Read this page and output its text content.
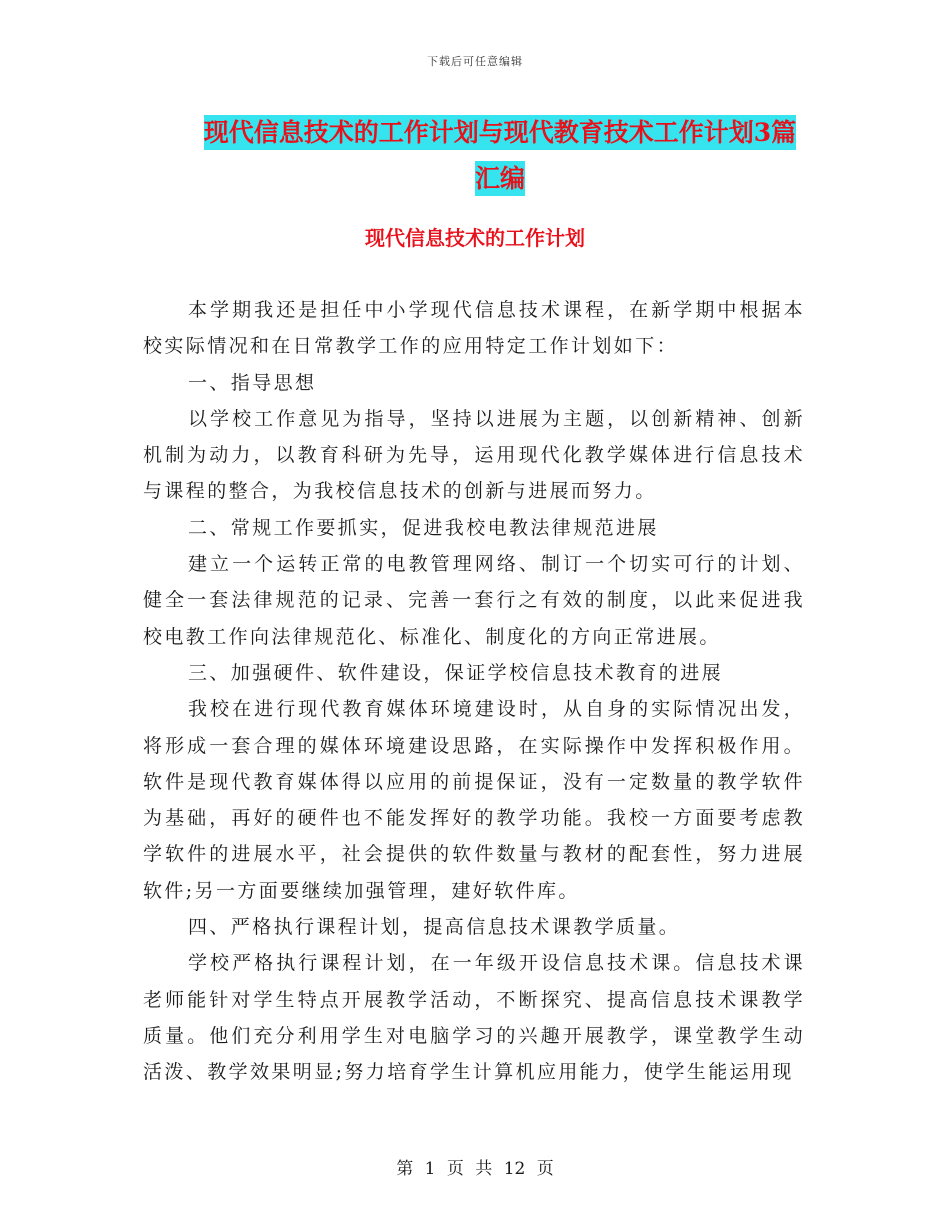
下载后可任意编辑
现代信息技术的工作计划与现代教育技术工作计划3篇汇编
现代信息技术的工作计划

本学期我还是担任中小学现代信息技术课程，在新学期中根据本校实际情况和在日常教学工作的应用特定工作计划如下：

一、指导思想

以学校工作意见为指导，坚持以进展为主题，以创新精神、创新机制为动力，以教育科研为先导，运用现代化教学媒体进行信息技术与课程的整合，为我校信息技术的创新与进展而努力。

二、常规工作要抓实，促进我校电教法律规范进展

建立一个运转正常的电教管理网络、制订一个切实可行的计划、健全一套法律规范的记录、完善一套行之有效的制度，以此来促进我校电教工作向法律规范化、标准化、制度化的方向正常进展。

三、加强硬件、软件建设，保证学校信息技术教育的进展

我校在进行现代教育媒体环境建设时，从自身的实际情况出发，将形成一套合理的媒体环境建设思路，在实际操作中发挥积极作用。软件是现代教育媒体得以应用的前提保证，没有一定数量的教学软件为基础，再好的硬件也不能发挥好的教学功能。我校一方面要考虑教学软件的进展水平，社会提供的软件数量与教材的配套性，努力进展软件;另一方面要继续加强管理，建好软件库。

四、严格执行课程计划，提高信息技术课教学质量。

学校严格执行课程计划，在一年级开设信息技术课。信息技术课老师能针对学生特点开展教学活动，不断探究、提高信息技术课教学质量。他们充分利用学生对电脑学习的兴趣开展教学，课堂教学生动活泼、教学效果明显;努力培育学生计算机应用能力，使学生能运用现

第 1 页 共 12 页
